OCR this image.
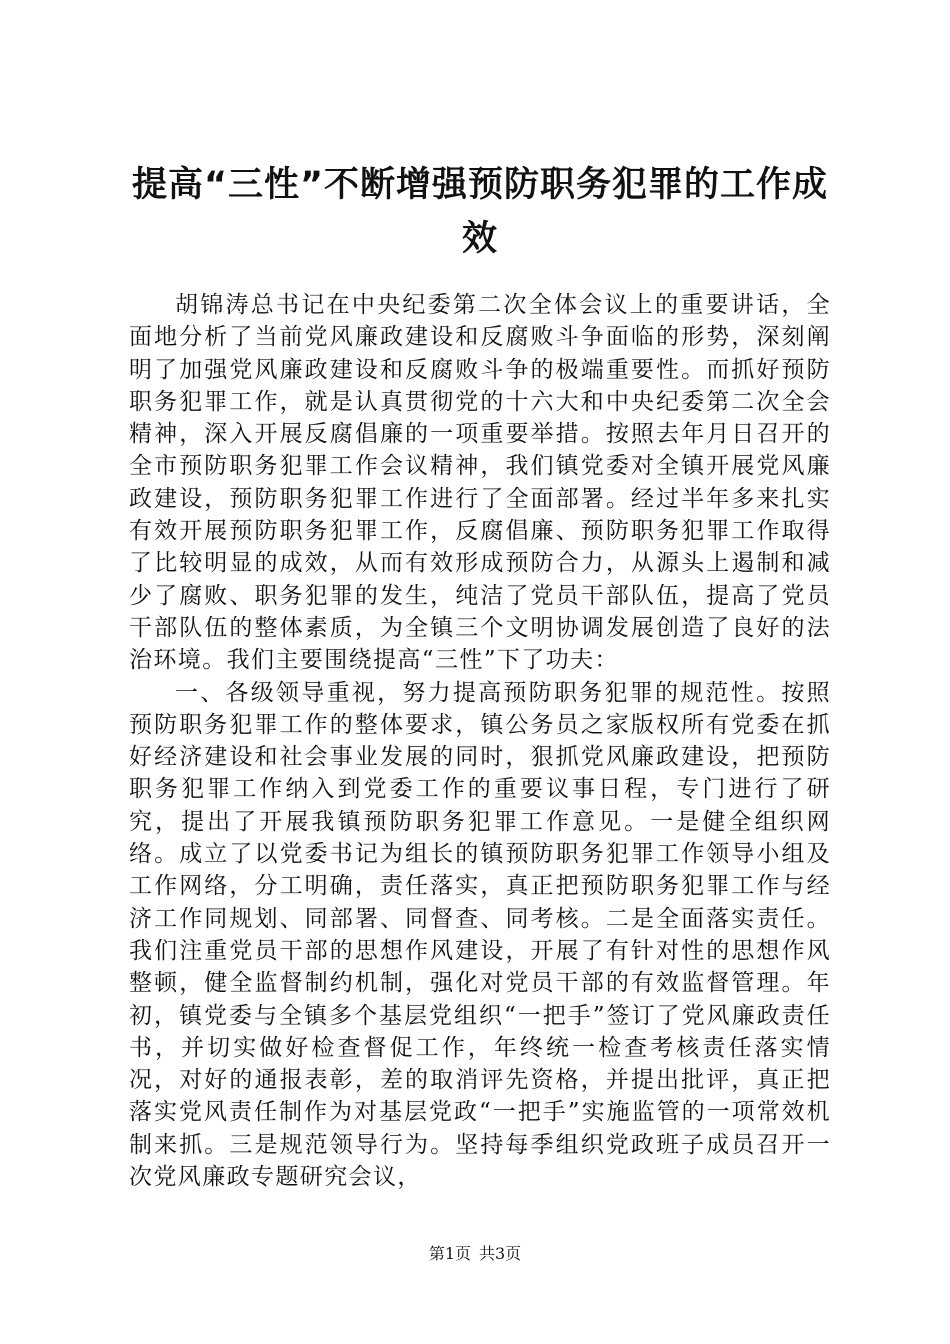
提高“三性”不断增强预防职务犯罪的工作成效

胡锦涛总书记在中央纪委第二次全体会议上的重要讲话，全面地分析了当前党风廉政建设和反腐败斗争面临的形势，深刻阐明了加强党风廉政建设和反腐败斗争的极端重要性。而抓好预防职务犯罪工作，就是认真贯彻党的十六大和中央纪委第二次全会精神，深入开展反腐倡廉的一项重要举措。按照去年月日召开的全市预防职务犯罪工作会议精神，我们镇党委对全镇开展党风廉政建设，预防职务犯罪工作进行了全面部署。经过半年多来扎实有效开展预防职务犯罪工作，反腐倡廉、预防职务犯罪工作取得了比较明显的成效，从而有效形成预防合力，从源头上遏制和减少了腐败、职务犯罪的发生，纯洁了党员干部队伍，提高了党员干部队伍的整体素质，为全镇三个文明协调发展创造了良好的法治环境。我们主要围绕提高“三性”下了功夫：

一、各级领导重视，努力提高预防职务犯罪的规范性。按照预防职务犯罪工作的整体要求，镇公务员之家版权所有党委在抓好经济建设和社会事业发展的同时，狠抓党风廉政建设，把预防职务犯罪工作纳入到党委工作的重要议事日程，专门进行了研究，提出了开展我镇预防职务犯罪工作意见。一是健全组织网络。成立了以党委书记为组长的镇预防职务犯罪工作领导小组及工作网络，分工明确，责任落实，真正把预防职务犯罪工作与经济工作同规划、同部署、同督查、同考核。二是全面落实责任。我们注重党员干部的思想作风建设，开展了有针对性的思想作风整顿，健全监督制约机制，强化对党员干部的有效监督管理。年初，镇党委与全镇多个基层党组织“一把手”签订了党风廉政责任书，并切实做好检查督促工作，年终统一检查考核责任落实情况，对好的通报表彰，差的取消评先资格，并提出批评，真正把落实党风责任制作为对基层党政“一把手”实施监管的一项常效机制来抓。三是规范领导行为。坚持每季组织党政班子成员召开一次党风廉政专题研究会议，

第1页 共3页
